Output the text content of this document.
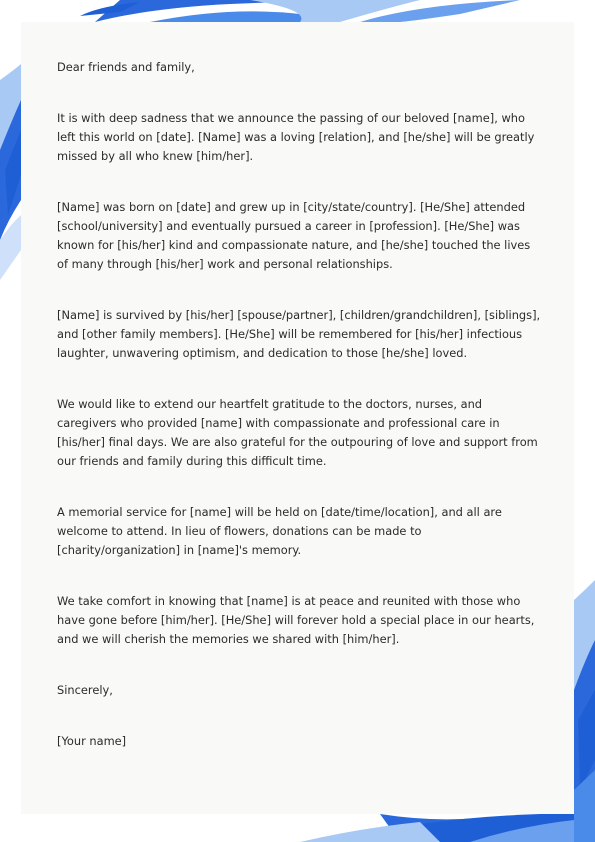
Dear friends and family,

It is with deep sadness that we announce the passing of our beloved [name], who left this world on [date]. [Name] was a loving [relation], and [he/she] will be greatly missed by all who knew [him/her].

[Name] was born on [date] and grew up in [city/state/country]. [He/She] attended [school/university] and eventually pursued a career in [profession]. [He/She] was known for [his/her] kind and compassionate nature, and [he/she] touched the lives of many through [his/her] work and personal relationships.

[Name] is survived by [his/her] [spouse/partner], [children/grandchildren], [siblings], and [other family members]. [He/She] will be remembered for [his/her] infectious laughter, unwavering optimism, and dedication to those [he/she] loved.

We would like to extend our heartfelt gratitude to the doctors, nurses, and caregivers who provided [name] with compassionate and professional care in [his/her] final days. We are also grateful for the outpouring of love and support from our friends and family during this difficult time.

A memorial service for [name] will be held on [date/time/location], and all are welcome to attend. In lieu of flowers, donations can be made to [charity/organization] in [name]'s memory.

We take comfort in knowing that [name] is at peace and reunited with those who have gone before [him/her]. [He/She] will forever hold a special place in our hearts, and we will cherish the memories we shared with [him/her].

Sincerely,

[Your name]
